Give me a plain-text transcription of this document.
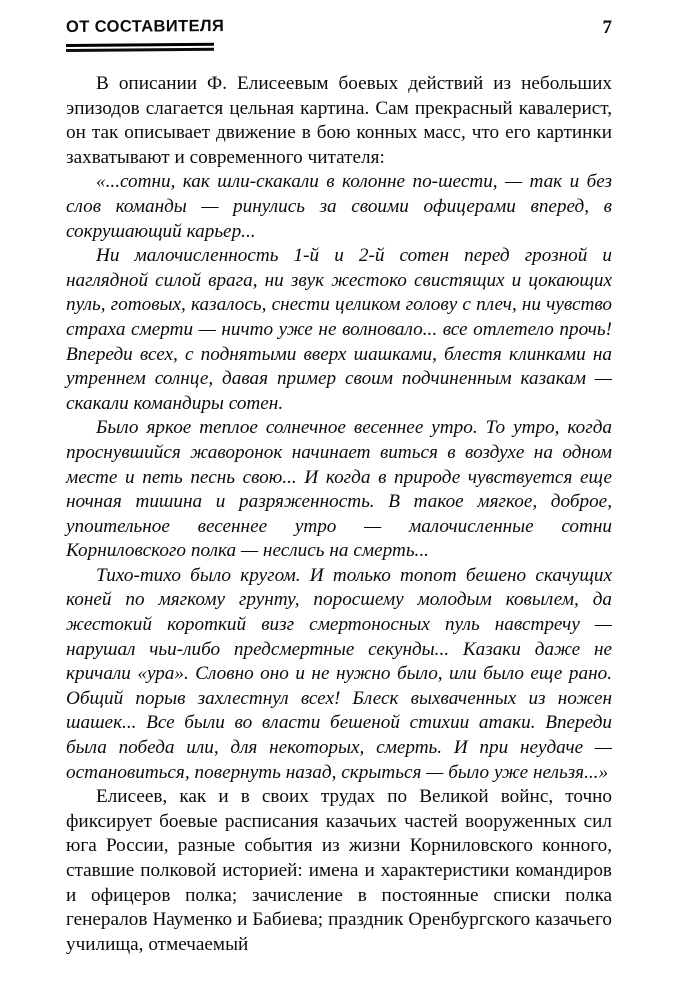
ОТ СОСТАВИТЕЛЯ	7

В описании Ф. Елисеевым боевых действий из небольших эпизодов слагается цельная картина. Сам прекрасный кавалерист, он так описывает движение в бою конных масс, что его картинки захватывают и современного читателя:

«...сотни, как шли-скакали в колонне по-шести, — так и без слов команды — ринулись за своими офицерами вперед, в сокрушающий карьер...

Ни малочисленность 1-й и 2-й сотен перед грозной и наглядной силой врага, ни звук жестоко свистящих и цокающих пуль, готовых, казалось, снести целиком голову с плеч, ни чувство страха смерти — ничто уже не волновало... все отлетело прочь! Впереди всех, с поднятыми вверх шашками, блестя клинками на утреннем солнце, давая пример своим подчиненным казакам — скакали командиры сотен.

Было яркое теплое солнечное весеннее утро. То утро, когда проснувшийся жаворонок начинает виться в воздухе на одном месте и петь песнь свою... И когда в природе чувствуется еще ночная тишина и разряженность. В такое мягкое, доброе, упоительное весеннее утро — малочисленные сотни Корниловского полка — неслись на смерть...

Тихо-тихо было кругом. И только топот бешено скачущих коней по мягкому грунту, поросшему молодым ковылем, да жестокий короткий визг смертоносных пуль навстречу — нарушал чьи-либо предсмертные секунды... Казаки даже не кричали «ура». Словно оно и не нужно было, или было еще рано. Общий порыв захлестнул всех! Блеск выхваченных из ножен шашек... Все были во власти бешеной стихии атаки. Впереди была победа или, для некоторых, смерть. И при неудаче — остановиться, повернуть назад, скрыться — было уже нельзя...»

Елисеев, как и в своих трудах по Великой войнс, точно фиксирует боевые расписания казачьих частей вооруженных сил юга России, разные события из жизни Корниловского конного, ставшие полковой историей: имена и характеристики командиров и офицеров полка; зачисление в постоянные списки полка генералов Науменко и Бабиева; праздник Оренбургского казачьего училища, отмечаемый
